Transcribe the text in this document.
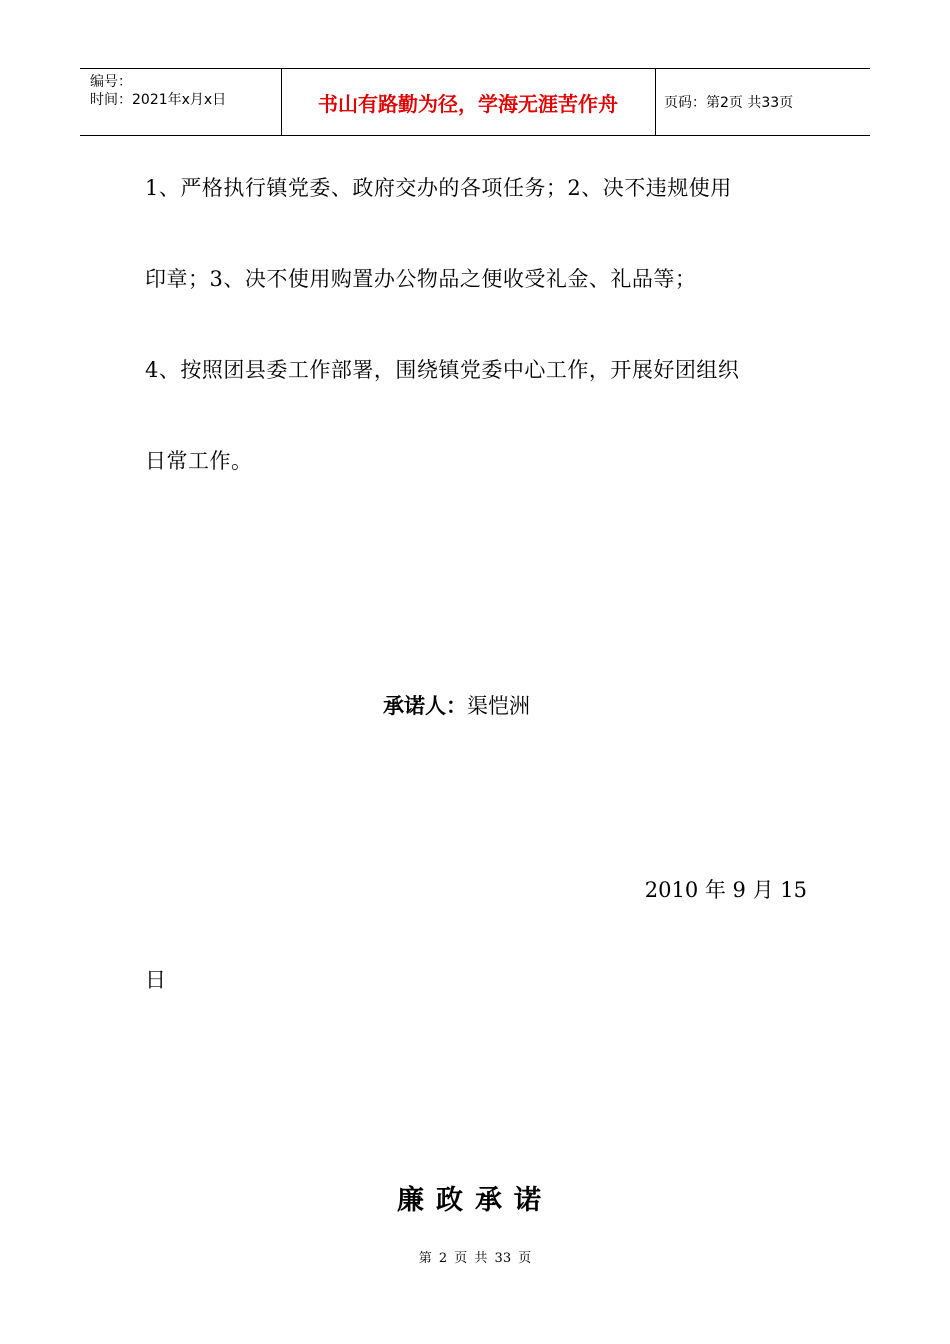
编号：
时间：2021年x月x日	书山有路勤为径，学海无涯苦作舟	页码：第2页 共33页
1、严格执行镇党委、政府交办的各项任务；2、决不违规使用
印章；3、决不使用购置办公物品之便收受礼金、礼品等；
4、按照团县委工作部署，围绕镇党委中心工作，开展好团组织
日常工作。
承诺人：渠恺洲
2010 年 9 月 15
日
廉政承诺
第 2 页 共 33 页
